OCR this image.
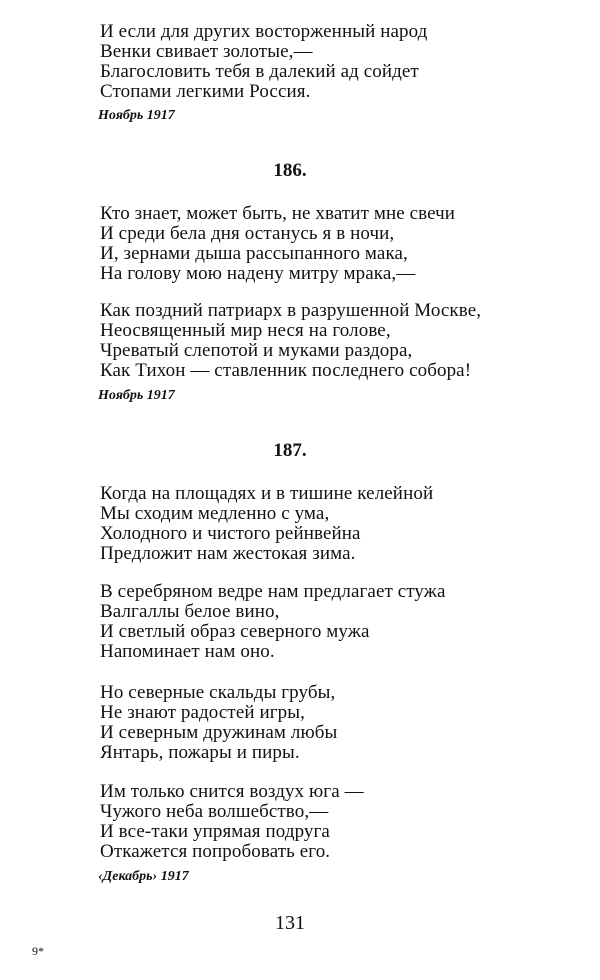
И если для других восторженный народ
Венки свивает золотые,—
Благословить тебя в далекий ад сойдет
Стопами легкими Россия.
Ноябрь 1917
186.
Кто знает, может быть, не хватит мне свечи
И среди бела дня останусь я в ночи,
И, зернами дыша рассыпанного мака,
На голову мою надену митру мрака,—
Как поздний патриарх в разрушенной Москве,
Неосвященный мир неся на голове,
Чреватый слепотой и муками раздора,
Как Тихон — ставленник последнего собора!
Ноябрь 1917
187.
Когда на площадях и в тишине келейной
Мы сходим медленно с ума,
Холодного и чистого рейнвейна
Предложит нам жестокая зима.
В серебряном ведре нам предлагает стужа
Валгаллы белое вино,
И светлый образ северного мужа
Напоминает нам оно.
Но северные скальды грубы,
Не знают радостей игры,
И северным дружинам любы
Янтарь, пожары и пиры.
Им только снится воздух юга —
Чужого неба волшебство,—
И все-таки упрямая подруга
Откажется попробовать его.
‹Декабрь› 1917
131
9*
